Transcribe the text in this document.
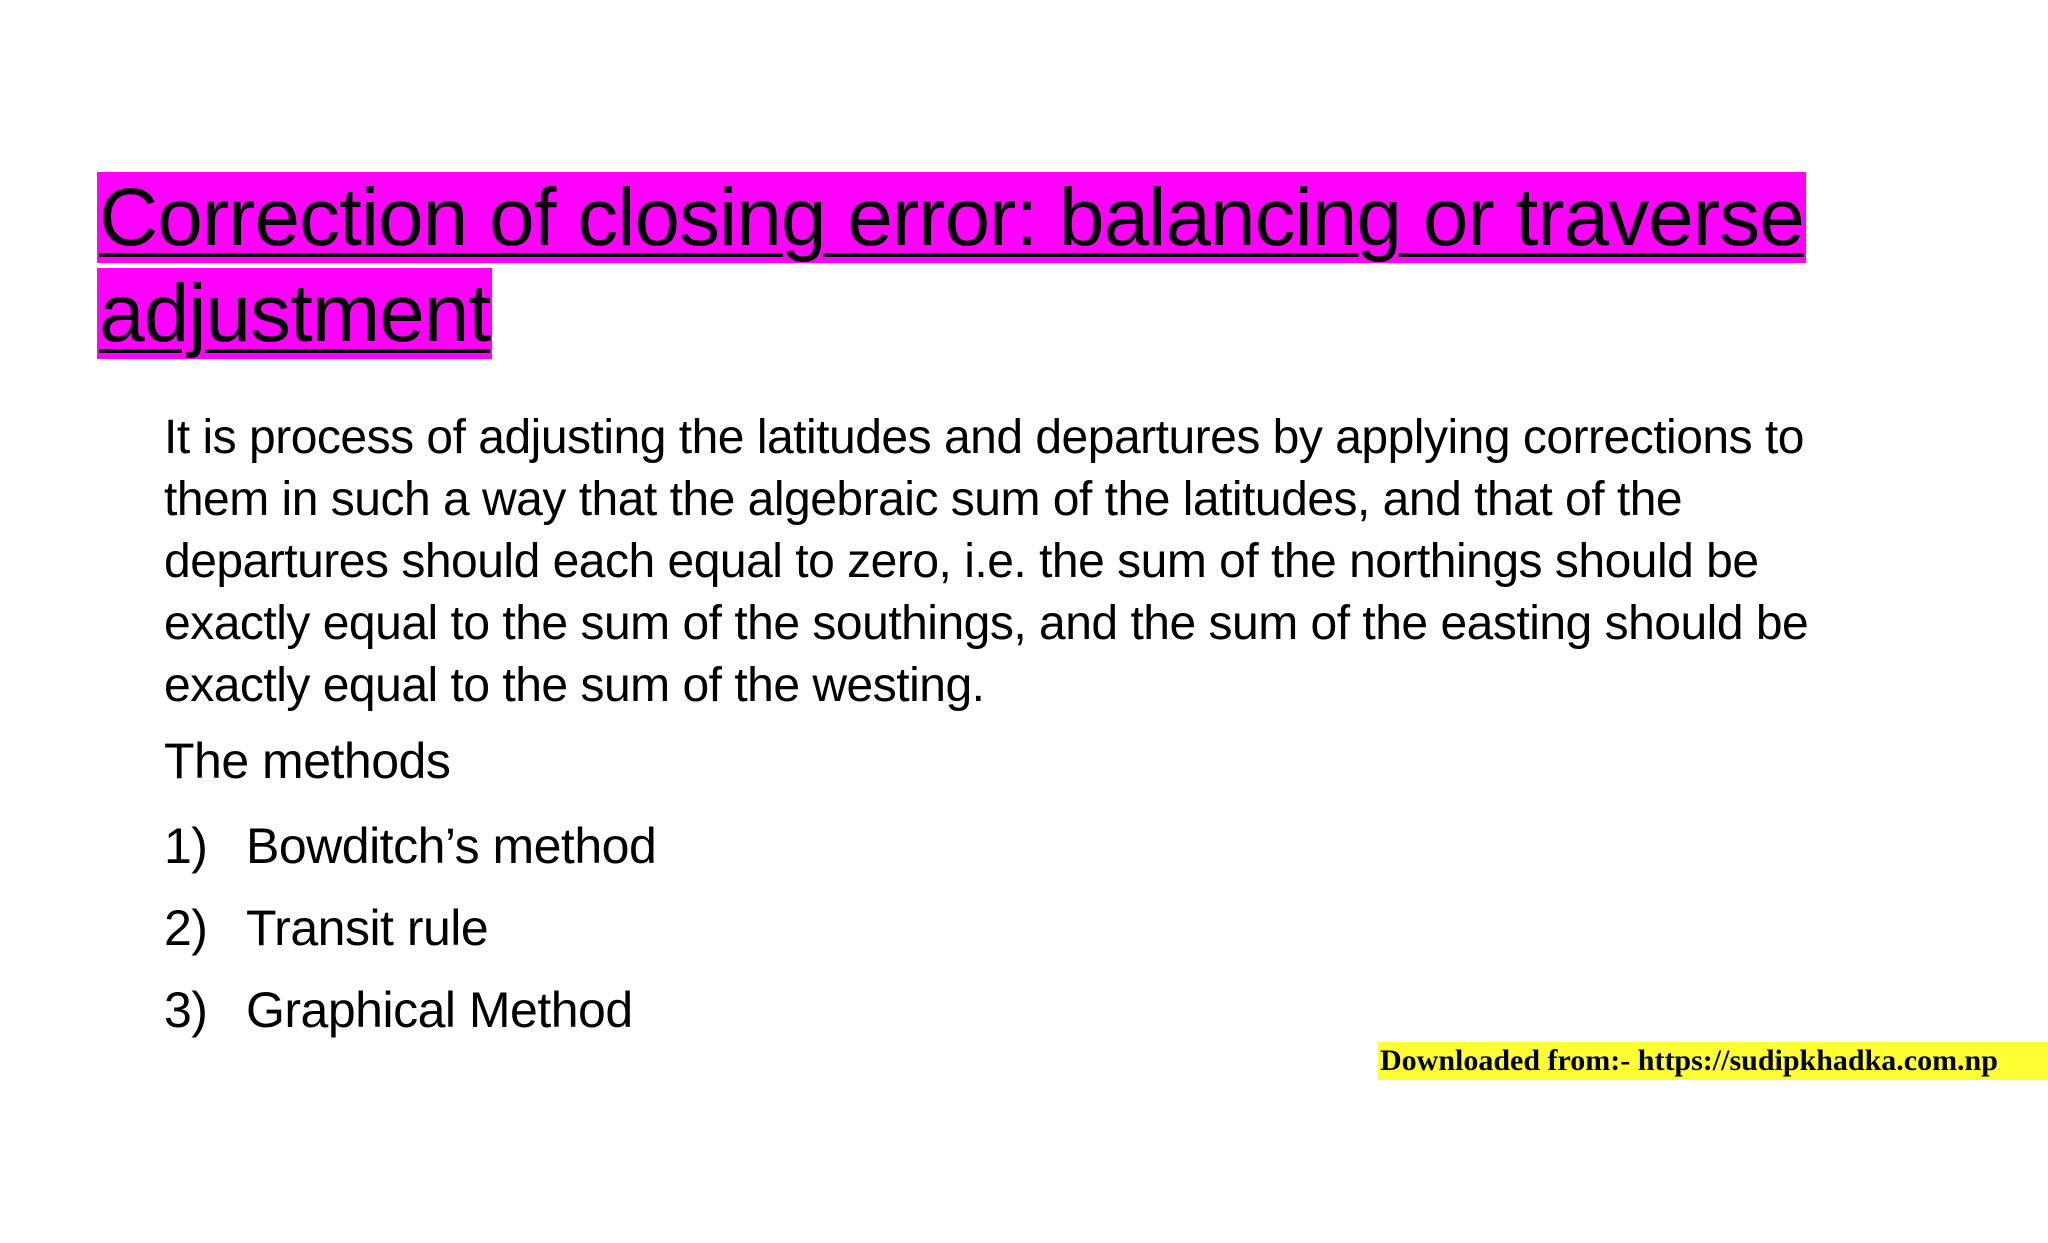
Correction of closing error: balancing or traverse adjustment

It is process of adjusting the latitudes and departures by applying corrections to them in such a way that the algebraic sum of the latitudes, and that of the departures should each equal to zero, i.e. the sum of the northings should be exactly equal to the sum of the southings, and the sum of the easting should be exactly equal to the sum of the westing.

The methods

1) Bowditch’s method
2) Transit rule
3) Graphical Method
Downloaded from:- https://sudipkhadka.com.np
